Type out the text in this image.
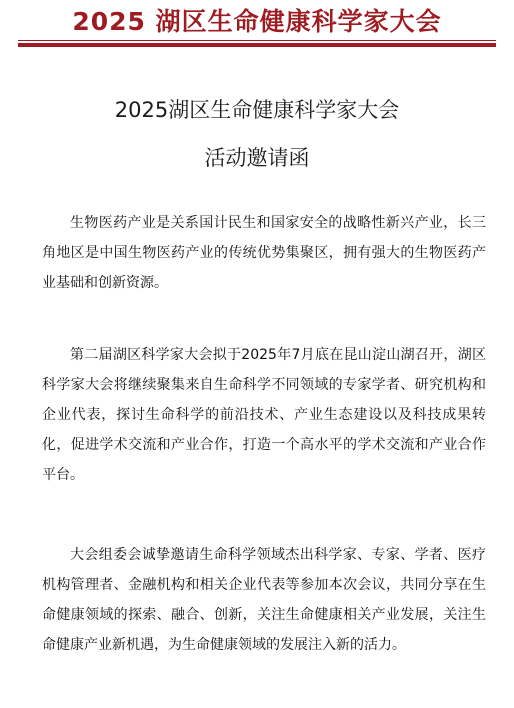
2025 湖区生命健康科学家大会
2025湖区生命健康科学家大会
活动邀请函

生物医药产业是关系国计民生和国家安全的战略性新兴产业，长三角地区是中国生物医药产业的传统优势集聚区，拥有强大的生物医药产业基础和创新资源。

第二届湖区科学家大会拟于2025年7月底在昆山淀山湖召开，湖区科学家大会将继续聚集来自生命科学不同领域的专家学者、研究机构和企业代表，探讨生命科学的前沿技术、产业生态建设以及科技成果转化，促进学术交流和产业合作，打造一个高水平的学术交流和产业合作平台。

大会组委会诚挚邀请生命科学领域杰出科学家、专家、学者、医疗机构管理者、金融机构和相关企业代表等参加本次会议，共同分享在生命健康领域的探索、融合、创新，关注生命健康相关产业发展，关注生命健康产业新机遇，为生命健康领域的发展注入新的活力。
